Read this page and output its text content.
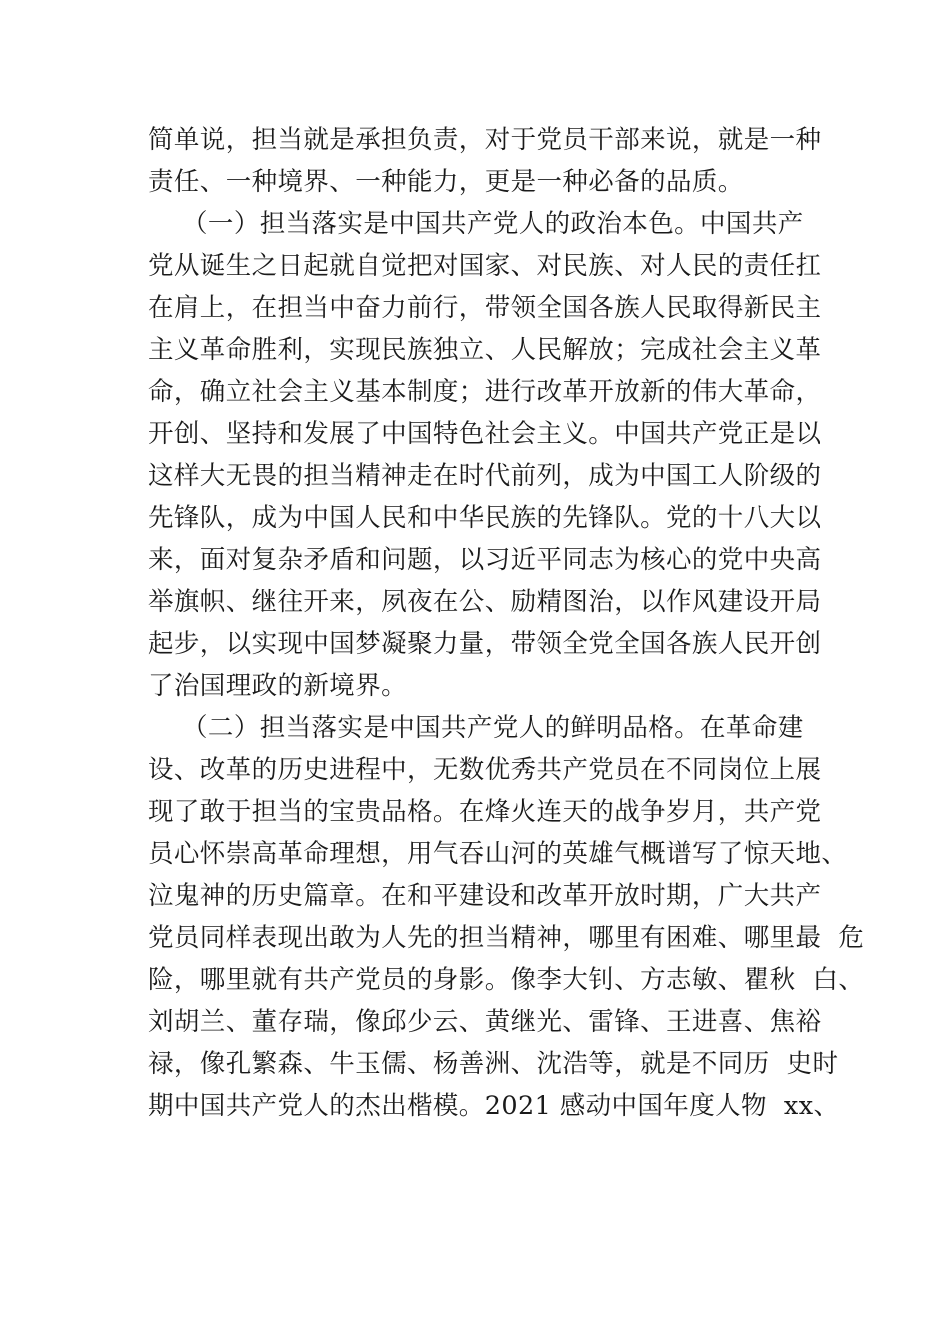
简单说，担当就是承担负责，对于党员干部来说，就是一种
责任、一种境界、一种能力，更是一种必备的品质。
（一）担当落实是中国共产党人的政治本色。中国共产
党从诞生之日起就自觉把对国家、对民族、对人民的责任扛
在肩上，在担当中奋力前行，带领全国各族人民取得新民主
主义革命胜利，实现民族独立、人民解放；完成社会主义革
命，确立社会主义基本制度；进行改革开放新的伟大革命，
开创、坚持和发展了中国特色社会主义。中国共产党正是以
这样大无畏的担当精神走在时代前列，成为中国工人阶级的
先锋队，成为中国人民和中华民族的先锋队。党的十八大以
来，面对复杂矛盾和问题，以习近平同志为核心的党中央高
举旗帜、继往开来，夙夜在公、励精图治，以作风建设开局
起步，以实现中国梦凝聚力量，带领全党全国各族人民开创
了治国理政的新境界。
（二）担当落实是中国共产党人的鲜明品格。在革命建
设、改革的历史进程中，无数优秀共产党员在不同岗位上展
现了敢于担当的宝贵品格。在烽火连天的战争岁月，共产党
员心怀崇高革命理想，用气吞山河的英雄气概谱写了惊天地、
泣鬼神的历史篇章。在和平建设和改革开放时期，广大共产
党员同样表现出敢为人先的担当精神，哪里有困难、哪里最  危
险，哪里就有共产党员的身影。像李大钊、方志敏、瞿秋  白、
刘胡兰、董存瑞，像邱少云、黄继光、雷锋、王进喜、焦裕
禄，像孔繁森、牛玉儒、杨善洲、沈浩等，就是不同历  史时
期中国共产党人的杰出楷模。2021 感动中国年度人物  xx、
